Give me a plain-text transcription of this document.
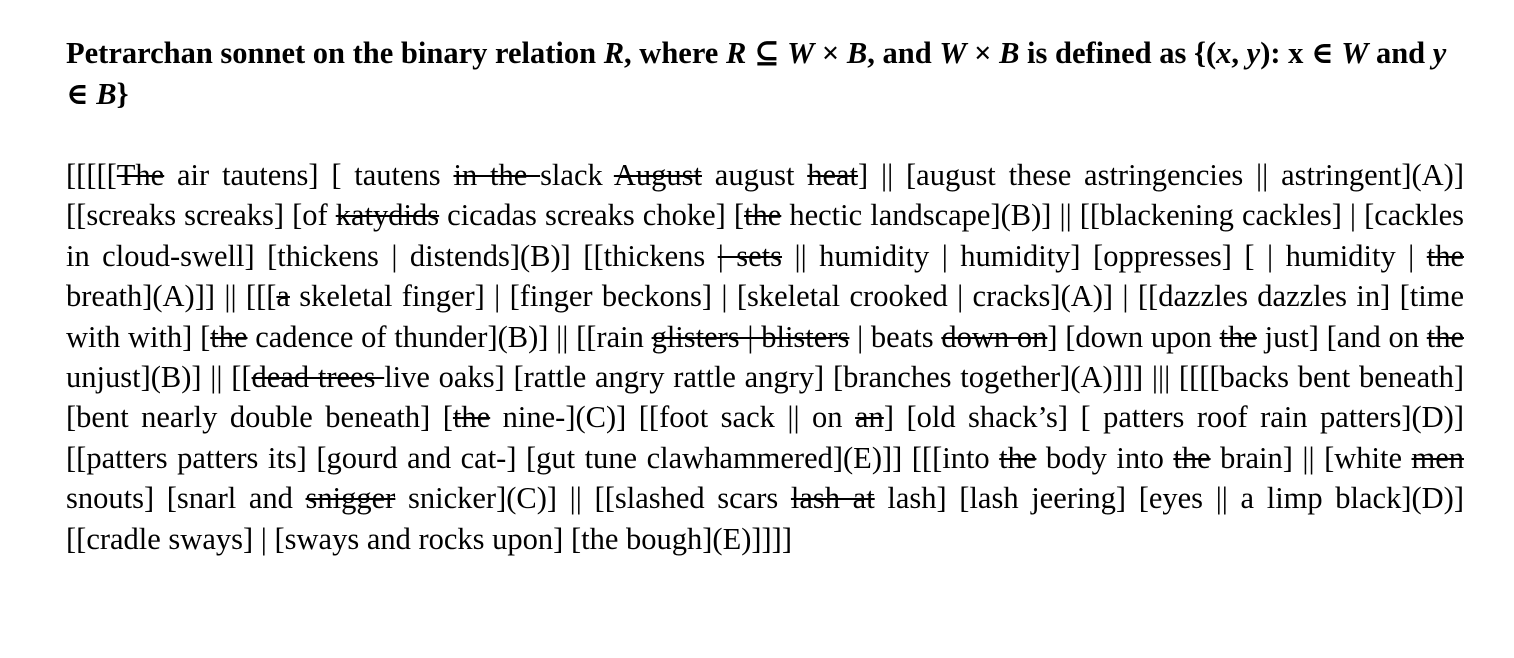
Petrarchan sonnet on the binary relation R, where R ⊆ W × B, and W × B is defined as {(x, y): x ∈ W and y ∈ B}

[[[[[The air tautens] [ tautens in the slack August august heat] || [august these astringencies || astringent](A)] [[screaks screaks] [of katydids cicadas screaks choke] [the hectic landscape](B)] || [[blackening cackles] | [cackles in cloud-swell] [thickens | distends](B)] [[thickens | sets || humidity | humidity] [oppresses] [ | humidity | the breath](A)]] || [[[a skeletal finger] | [finger beckons] | [skeletal crooked | cracks](A)] | [[dazzles dazzles in] [time with with] [the cadence of thunder](B)] || [[rain glisters | blisters | beats down on] [down upon the just] [and on the unjust](B)] || [[dead trees live oaks] [rattle angry rattle angry] [branches together](A)]]] ||| [[[[backs bent beneath] [bent nearly double beneath] [the nine-](C)] [[foot sack || on an] [old shack’s] [ patters roof rain patters](D)] [[patters patters its] [gourd and cat-] [gut tune clawhammered](E)]] [[[into the body into the brain] || [white men snouts] [snarl and snigger snicker](C)] || [[slashed scars lash at lash] [lash jeering] [eyes || a limp black](D)] [[cradle sways] | [sways and rocks upon] [the bough](E)]]]]
